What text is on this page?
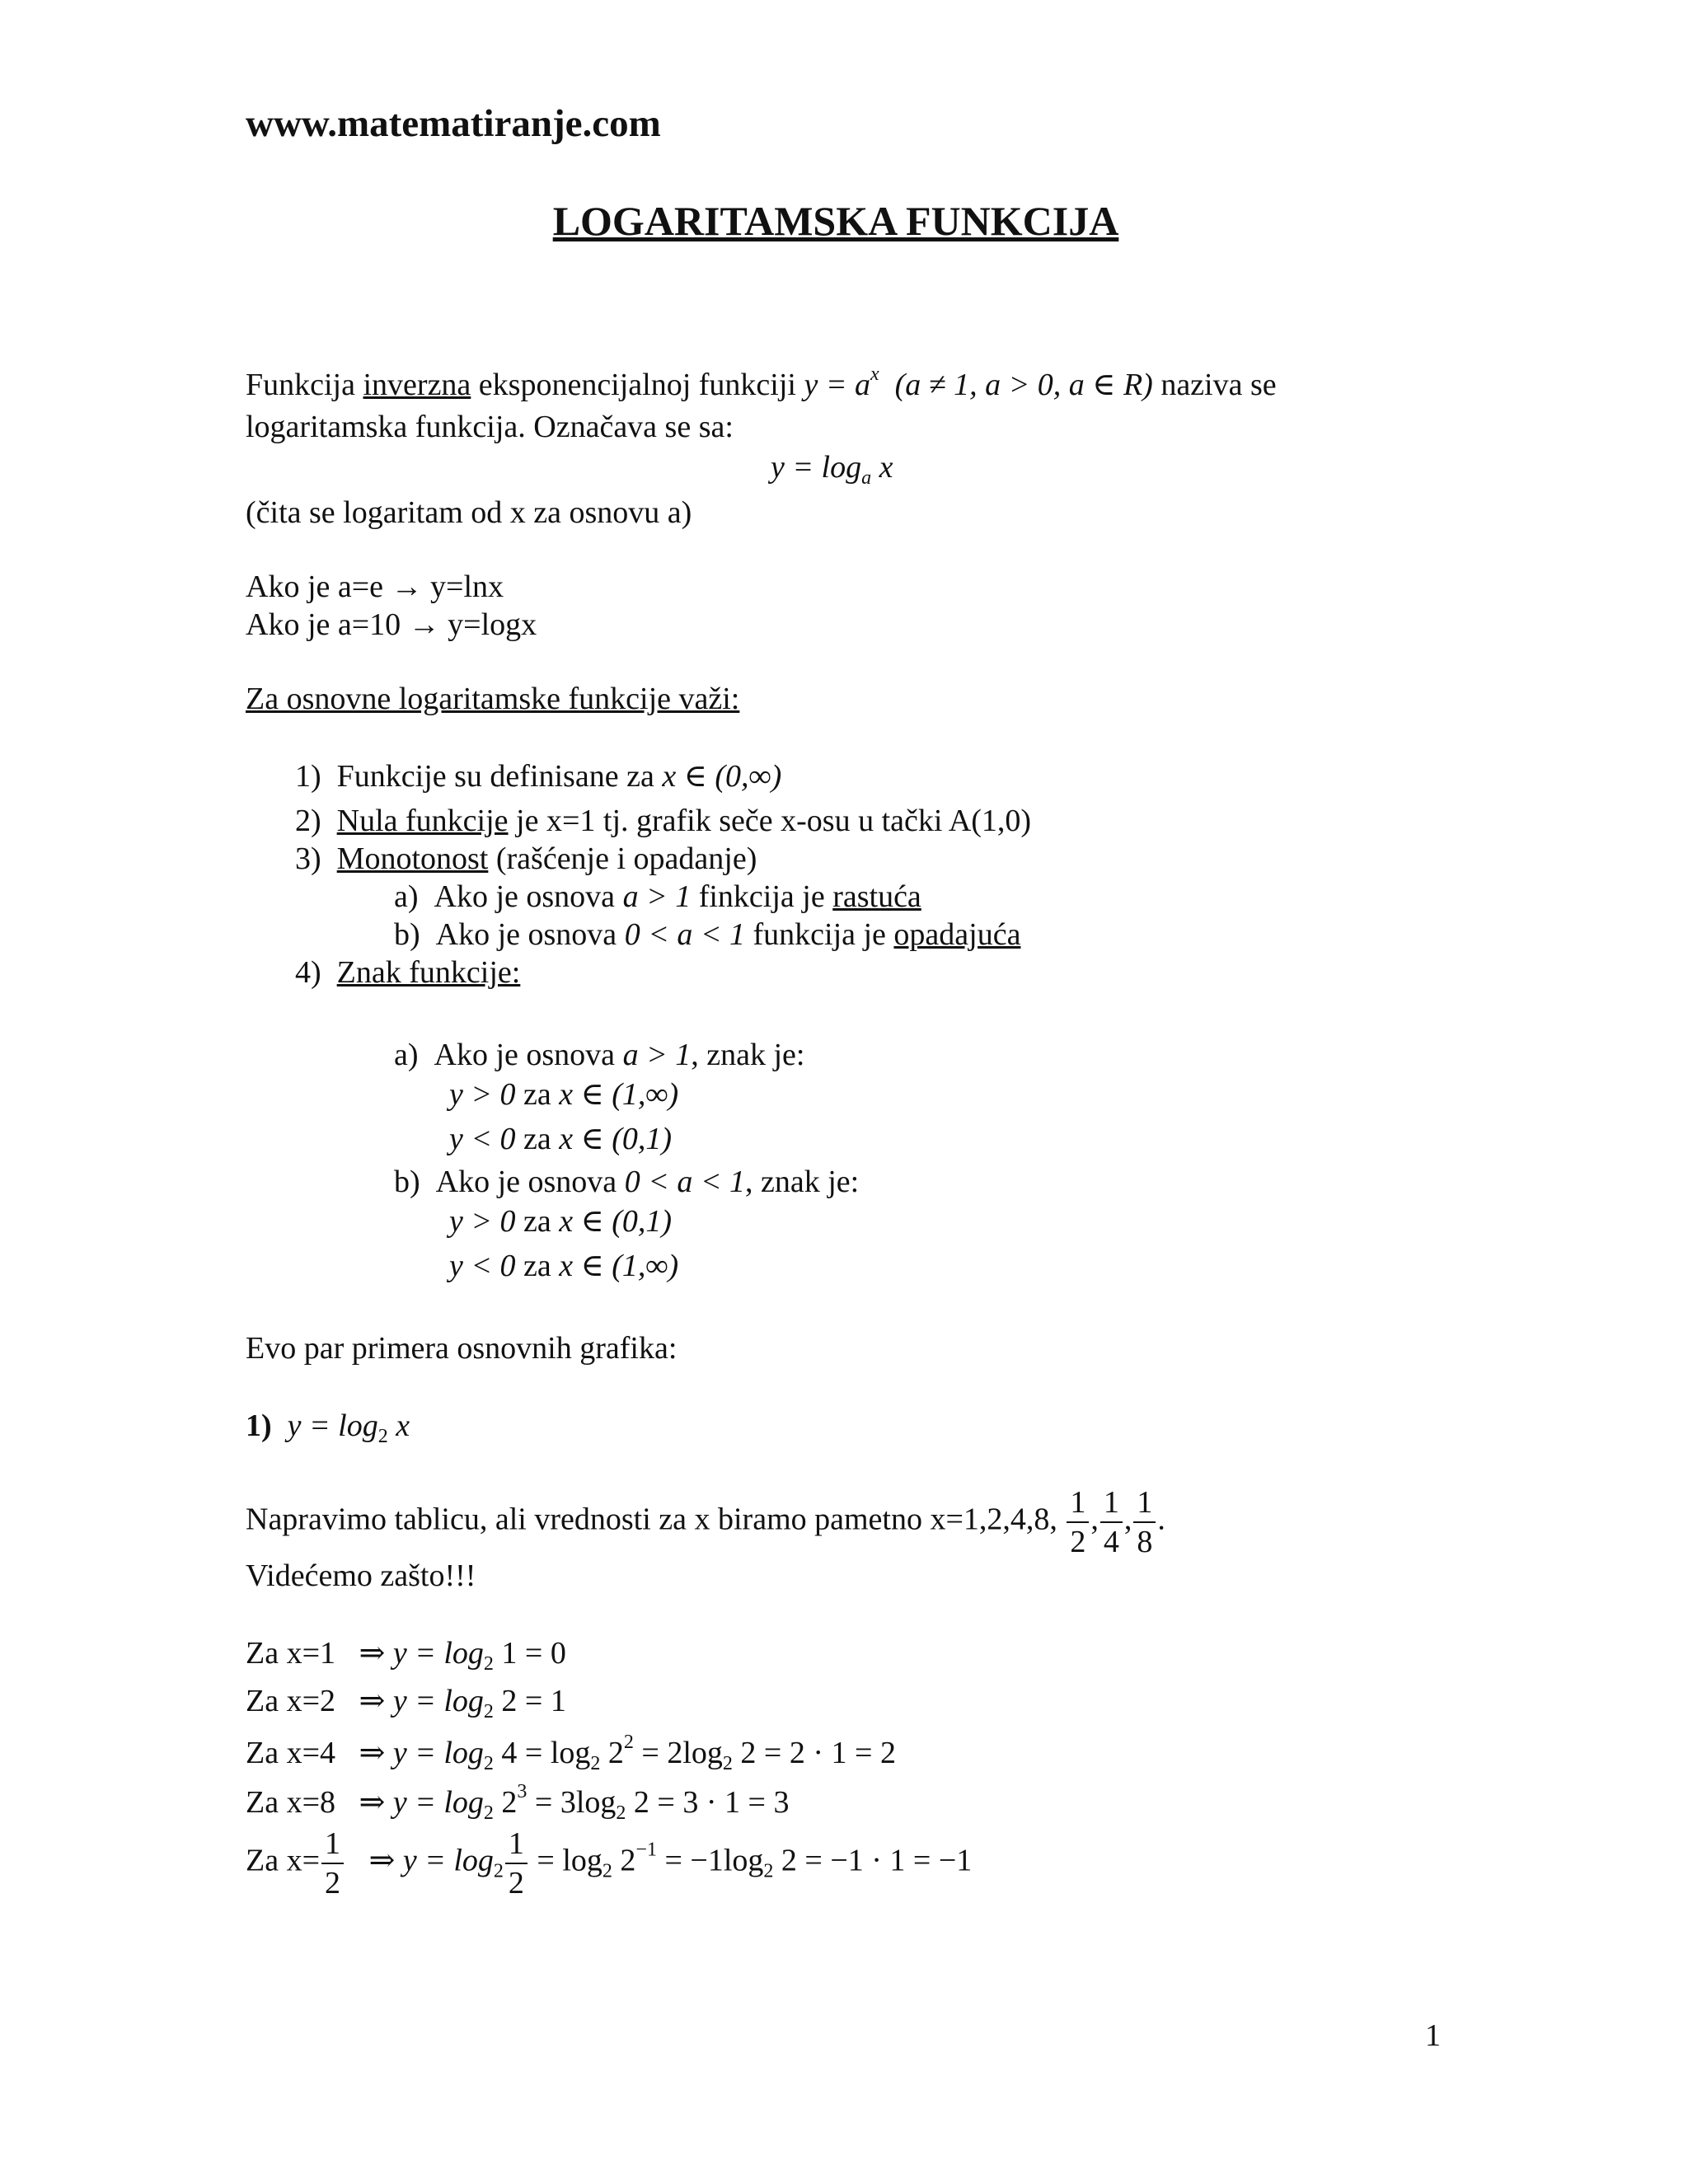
www.matematiranje.com
LOGARITAMSKA FUNKCIJA
Funkcija inverzna eksponencijalnoj funkciji $y = a^x$ (a ≠ 1, a > 0, a ∈ R) naziva se
logaritamska funkcija. Označava se sa:
$y = \log_a x$
(čita se logaritam od x za osnovu a)
Ako je a=e → y=lnx
Ako je a=10 → y=logx
Za osnovne logaritamske funkcije važi:
1) Funkcije su definisane za x ∈ (0,∞)
2) Nula funkcije je x=1 tj. grafik seče x-osu u tački A(1,0)
3) Monotonost (rašćenje i opadanje)
a) Ako je osnova a > 1 finkcija je rastuća
b) Ako je osnova 0 < a < 1 funkcija je opadajuća
4) Znak funkcije:
a) Ako je osnova a > 1, znak je:
y > 0 za x ∈ (1,∞)
y < 0 za x ∈ (0,1)
b) Ako je osnova 0 < a < 1, znak je:
y > 0 za x ∈ (0,1)
y < 0 za x ∈ (1,∞)
Evo par primera osnovnih grafika:
1) $y = \log_2 x$
Napravimo tablicu, ali vrednosti za x biramo pametno x=1,2,4,8, $\frac{1}{2}$ , $\frac{1}{4}$ , $\frac{1}{8}$ .
Videćemo zašto!!!
Za x=1 ⇒ $y = \log_2 1 = 0$
Za x=2 ⇒ $y = \log_2 2 = 1$
Za x=4 ⇒ $y = \log_2 4 = \log_2 2^2 = 2\log_2$ 2 = 2 · 1 = 2
Za x=8 ⇒ $y = \log_2 2^3 = 3\log_2$ 2 = 3 · 1 = 3
Za $x= \frac{1}{2}$ ⇒ $y = \log_2 \frac{1}{2} = \log_2 2^{-1} = -1\log_2$ 2 = −1 · 1 = −1
1
